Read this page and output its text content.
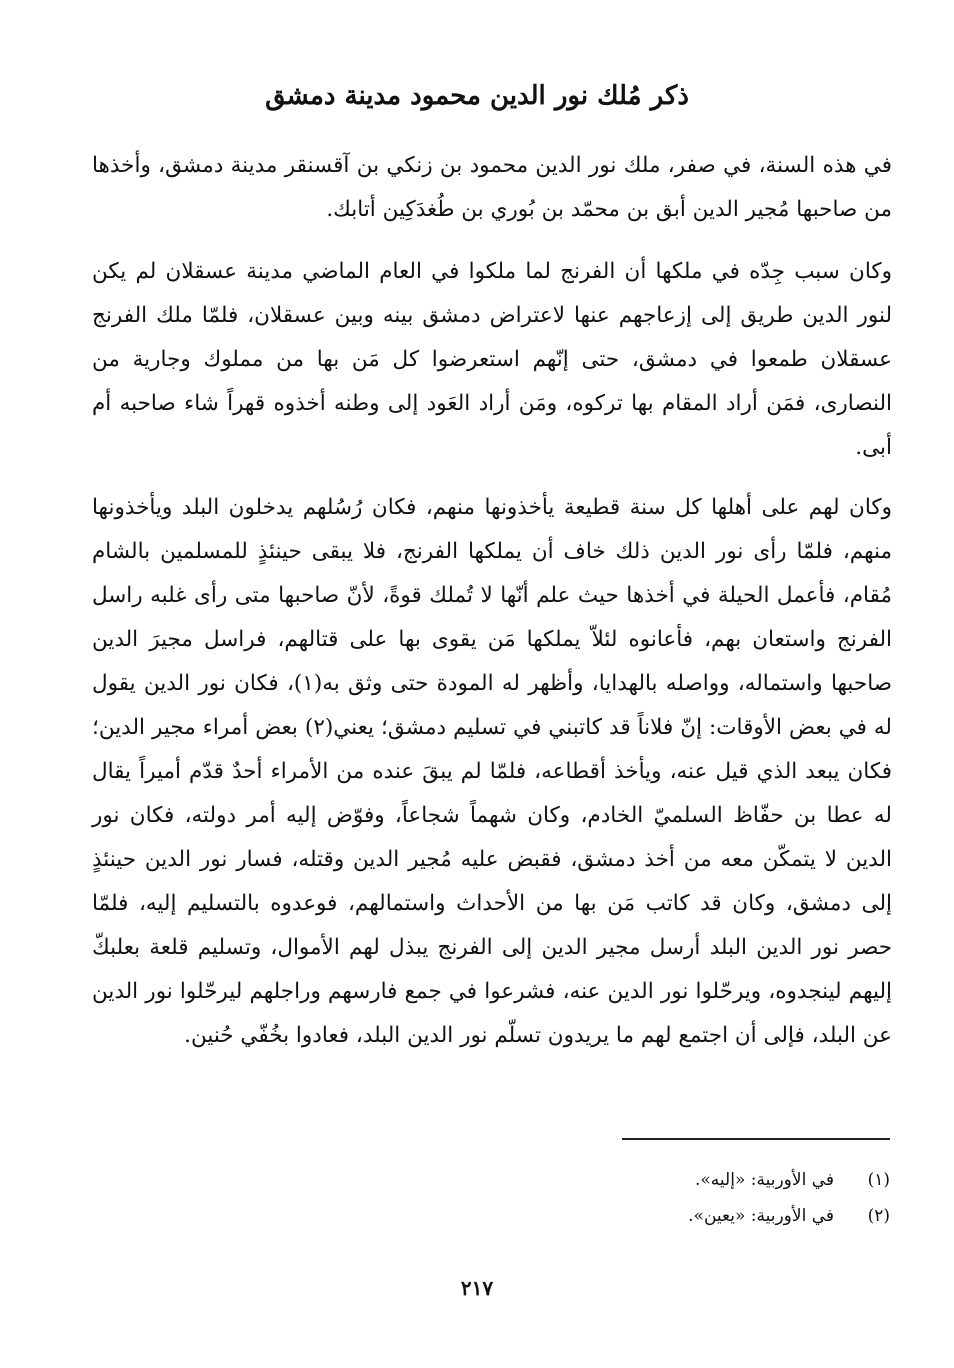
ذكر مُلك نور الدين محمود مدينة دمشق

في هذه السنة، في صفر، ملك نور الدين محمود بن زنكي بن آقسنقر مدينة دمشق، وأخذها من صاحبها مُجير الدين أبق بن محمّد بن بُوري بن طُغدَكِين أتابك.

وكان سبب جِدّه في ملكها أن الفرنج لما ملكوا في العام الماضي مدينة عسقلان لم يكن لنور الدين طريق إلى إزعاجهم عنها لاعتراض دمشق بينه وبين عسقلان، فلمّا ملك الفرنج عسقلان طمعوا في دمشق، حتى إنّهم استعرضوا كل مَن بها من مملوك وجارية من النصارى، فمَن أراد المقام بها تركوه، ومَن أراد العَود إلى وطنه أخذوه قهراً شاء صاحبه أم أبى.

وكان لهم على أهلها كل سنة قطيعة يأخذونها منهم، فكان رُسُلهم يدخلون البلد ويأخذونها منهم، فلمّا رأى نور الدين ذلك خاف أن يملكها الفرنج، فلا يبقى حينئذٍ للمسلمين بالشام مُقام، فأعمل الحيلة في أخذها حيث علم أنّها لا تُملك قوةً، لأنّ صاحبها متى رأى غلبه راسل الفرنج واستعان بهم، فأعانوه لئلاّ يملكها مَن يقوى بها على قتالهم، فراسل مجيرَ الدين صاحبها واستماله، وواصله بالهدايا، وأظهر له المودة حتى وثق به(١)، فكان نور الدين يقول له في بعض الأوقات: إنّ فلاناً قد كاتبني في تسليم دمشق؛ يعني(٢) بعض أمراء مجير الدين؛ فكان يبعد الذي قيل عنه، ويأخذ أقطاعه، فلمّا لم يبقَ عنده من الأمراء أحدٌ قدّم أميراً يقال له عطا بن حفّاظ السلميّ الخادم، وكان شهماً شجاعاً، وفوّض إليه أمر دولته، فكان نور الدين لا يتمكّن معه من أخذ دمشق، فقبض عليه مُجير الدين وقتله، فسار نور الدين حينئذٍ إلى دمشق، وكان قد كاتب مَن بها من الأحداث واستمالهم، فوعدوه بالتسليم إليه، فلمّا حصر نور الدين البلد أرسل مجير الدين إلى الفرنج يبذل لهم الأموال، وتسليم قلعة بعلبكّ إليهم لينجدوه، ويرحّلوا نور الدين عنه، فشرعوا في جمع فارسهم وراجلهم ليرحّلوا نور الدين عن البلد، فإلى أن اجتمع لهم ما يريدون تسلّم نور الدين البلد، فعادوا بخُفّي حُنين.

(١)
في الأوربية: «إليه».
(٢)
في الأوربية: «يعين».
٢١٧
